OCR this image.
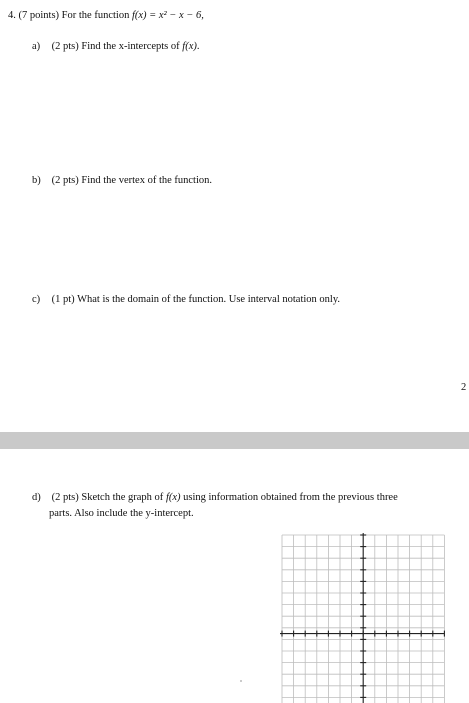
4. (7 points) For the function f(x) = x² − x − 6,
a) (2 pts) Find the x-intercepts of f(x).
b) (2 pts) Find the vertex of the function.
c) (1 pt) What is the domain of the function. Use interval notation only.
2
d) (2 pts) Sketch the graph of f(x) using information obtained from the previous three
parts. Also include the y-intercept.
